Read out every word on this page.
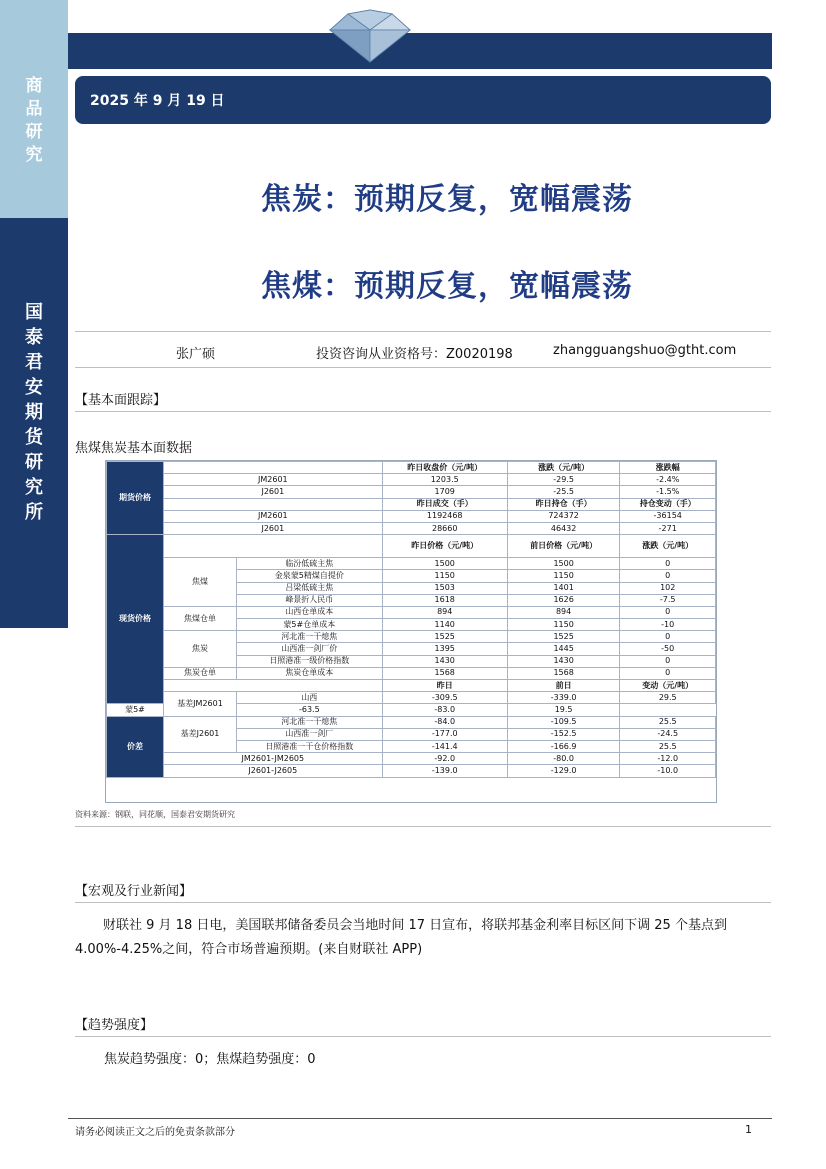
商
品
研
究
国
泰
君
安
期
货
研
究
所
2025 年 9 月 19 日
焦炭：预期反复，宽幅震荡
焦煤：预期反复，宽幅震荡
张广硕	投资咨询从业资格号：Z0020198	zhangguangshuo@gtht.com
【基本面跟踪】
焦煤焦炭基本面数据
期货价格			昨日收盘价（元/吨）	涨跌（元/吨）	涨跌幅
	JM2601		1203.5	-29.5	-2.4%
	J2601		1709	-25.5	-1.5%
			昨日成交（手）	昨日持仓（手）	持仓变动（手）
	JM2601		1192468	724372	-36154
	J2601		28660	46432	-271
现货价格			昨日价格（元/吨）	前日价格（元/吨）	涨跌（元/吨）
	焦煤	临汾低硫主焦	1500	1500	0
		金泉蒙5精煤自提价	1150	1150	0
		吕梁低硫主焦	1503	1401	102
		峰景折人民币	1618	1626	-7.5
	焦煤仓单	山西仓单成本	894	894	0
		蒙5#仓单成本	1140	1150	-10
	焦炭	河北准一干熄焦	1525	1525	0
		山西准一剑厂价	1395	1445	-50
		日照港准一级价格指数	1430	1430	0
	焦炭仓单	焦炭仓单成本	1568	1568	0
			昨日	前日	变动（元/吨）
	基差JM2601	山西	-309.5	-339.0	29.5
蒙5#		-63.5	-83.0	19.5	
价差	基差J2601	河北准一干熄焦	-84.0	-109.5	25.5
		山西准一剑厂	-177.0	-152.5	-24.5
		日照港准一干仓价格指数	-141.4	-166.9	25.5
	JM2601-JM2605		-92.0	-80.0	-12.0
	J2601-J2605		-139.0	-129.0	-10.0
资料来源：钢联，同花顺，国泰君安期货研究
【宏观及行业新闻】
财联社 9 月 18 日电，美国联邦储备委员会当地时间 17 日宣布，将联邦基金利率目标区间下调 25 个基点到 4.00%-4.25%之间，符合市场普遍预期。(来自财联社 APP)
【趋势强度】
焦炭趋势强度：0；焦煤趋势强度：0
请务必阅读正文之后的免责条款部分	1
